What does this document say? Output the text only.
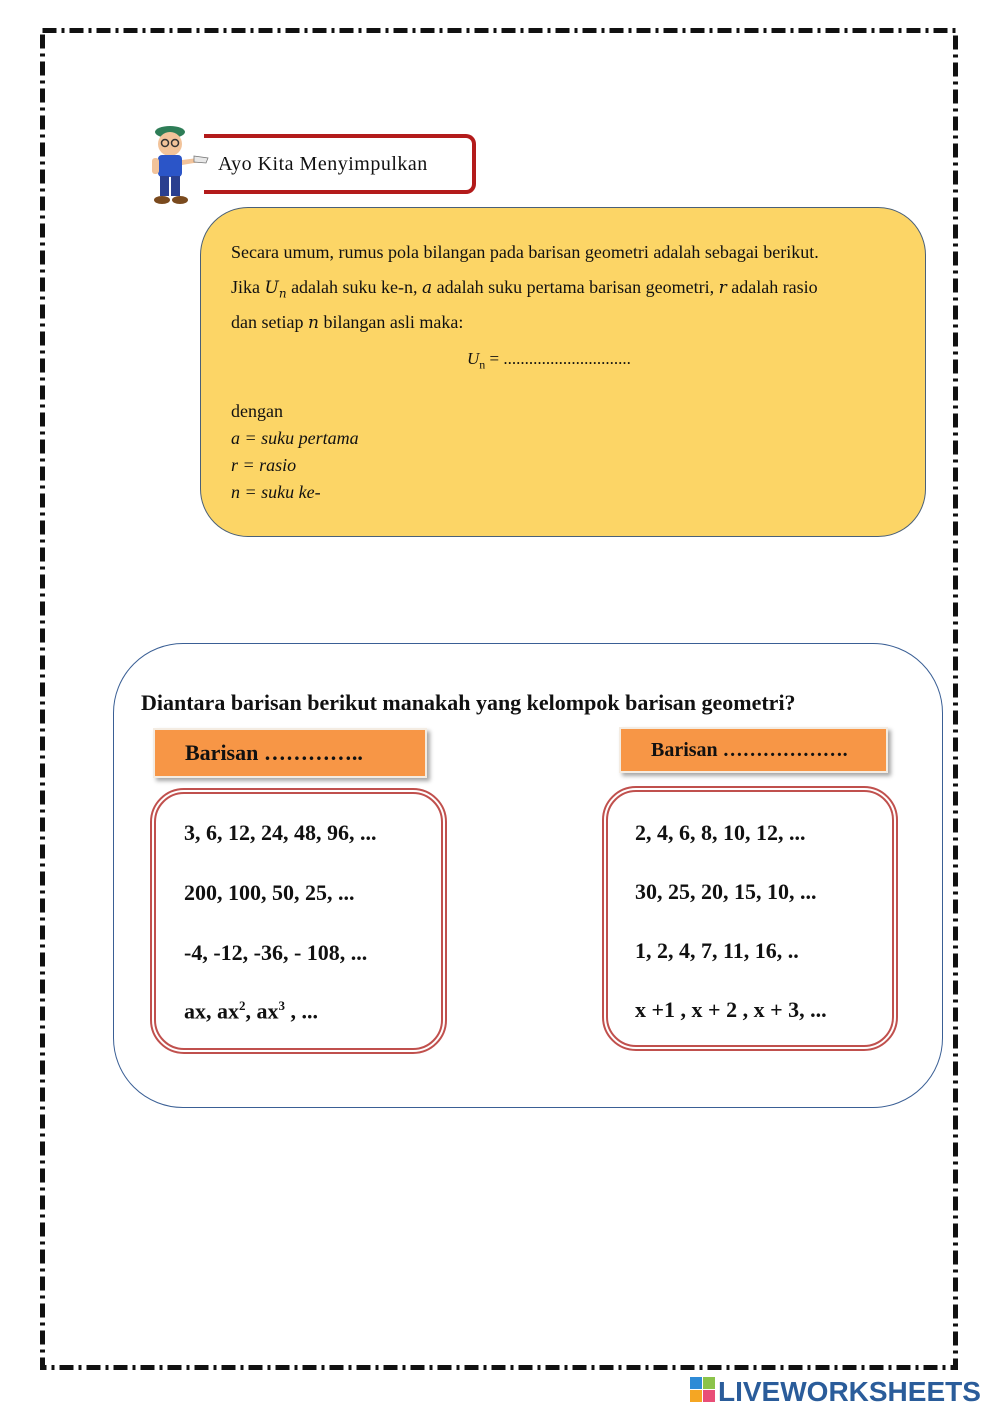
Ayo Kita Menyimpulkan
Secara umum, rumus pola bilangan pada barisan geometri adalah sebagai berikut.
Jika $U_n$ adalah suku ke-n, a adalah suku pertama barisan geometri, r adalah rasio
dan setiap n bilangan asli maka:
$U_n$ = ..............................
dengan
a = suku pertama
r = rasio
n = suku ke-
Diantara barisan berikut manakah yang kelompok barisan geometri?
Barisan …………..	Barisan ……………….
3, 6, 12, 24, 48, 96, ...
200, 100, 50, 25, ...
-4, -12, -36, - 108, ...
ax, $ax^2$, $ax^3$ , ...
2, 4, 6, 8, 10, 12, ...
30, 25, 20, 15, 10, ...
1, 2, 4, 7, 11, 16, ..
x +1 , x + 2 , x + 3, ...
LIVEWORKSHEETS
